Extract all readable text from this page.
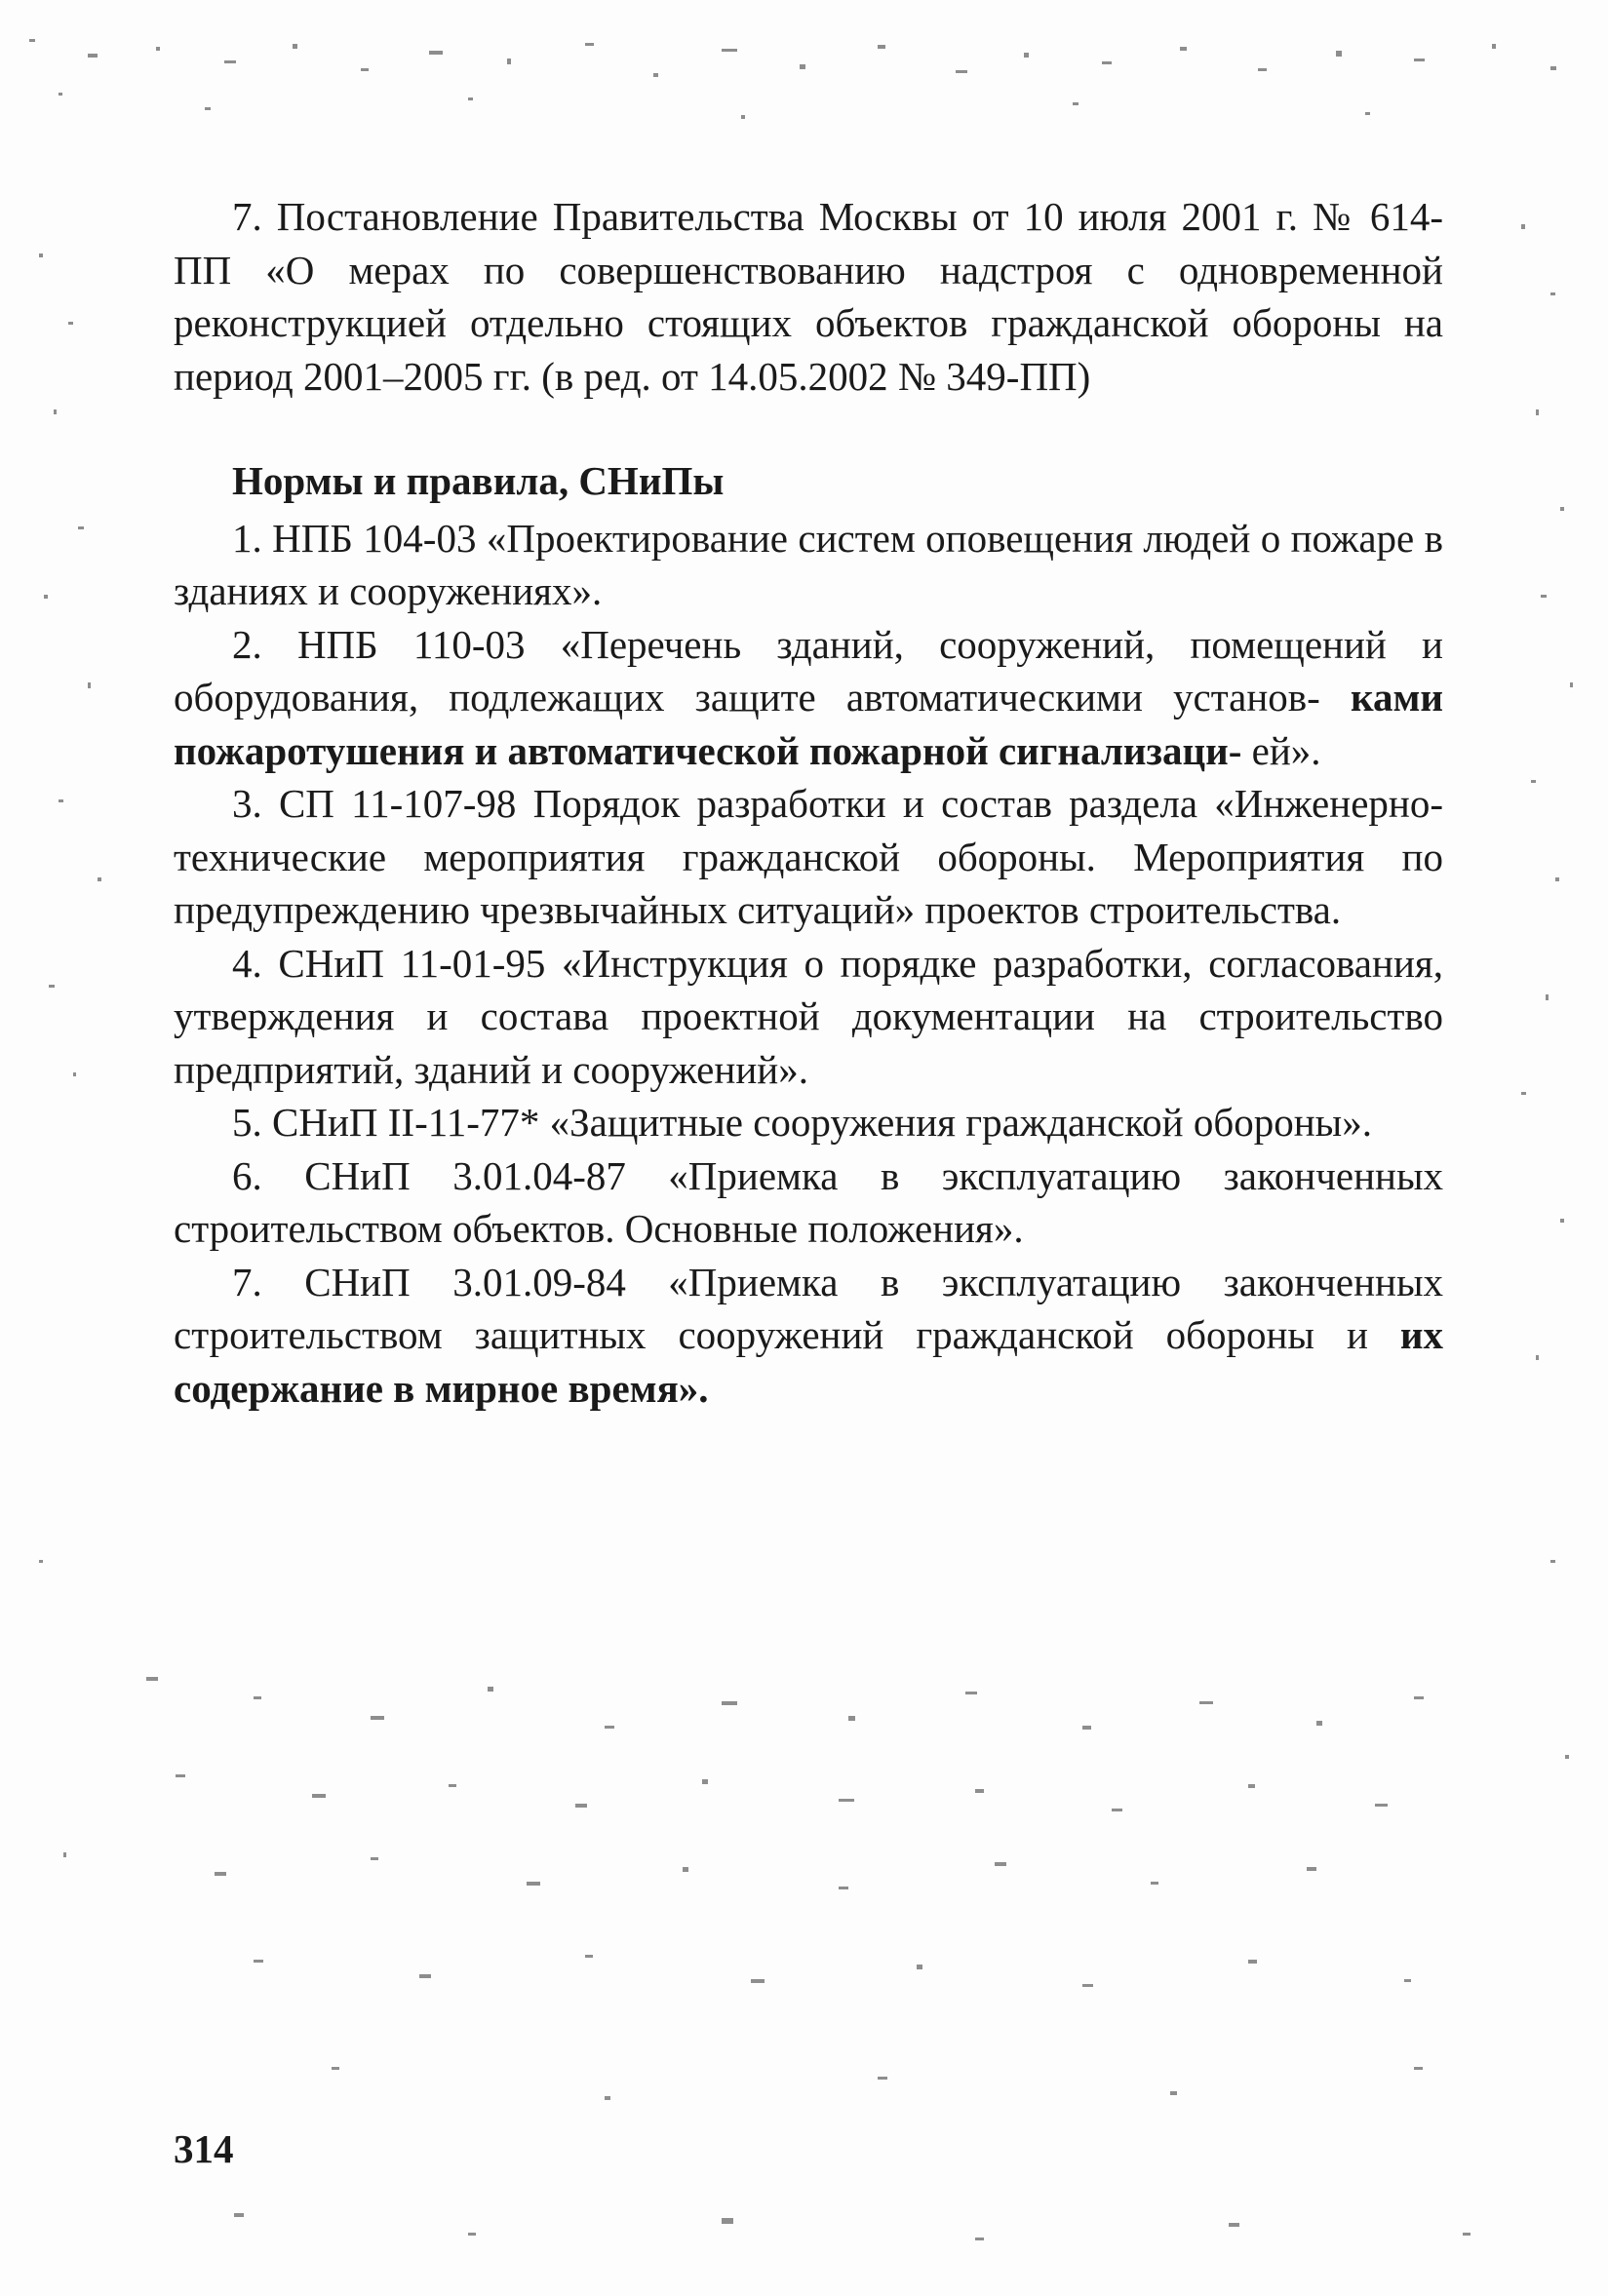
7. Постановление Правительства Москвы от 10 июля 2001 г. № 614-ПП «О мерах по совершенствованию надстроя с одновременной реконструкцией отдельно стоящих объектов гражданской обороны на период 2001–2005 гг. (в ред. от 14.05.2002 № 349-ПП)

Нормы и правила, СНиПы

1. НПБ 104-03 «Проектирование систем оповещения людей о пожаре в зданиях и сооружениях».

2. НПБ 110-03 «Перечень зданий, сооружений, помещений и оборудования, подлежащих защите автоматическими установ- ками пожаротушения и автоматической пожарной сигнализаци- ей».

3. СП 11-107-98 Порядок разработки и состав раздела «Инженерно-технические мероприятия гражданской обороны. Мероприятия по предупреждению чрезвычайных ситуаций» проектов строительства.

4. СНиП 11-01-95 «Инструкция о порядке разработки, согласования, утверждения и состава проектной документации на строительство предприятий, зданий и сооружений».

5. СНиП II-11-77* «Защитные сооружения гражданской обороны».

6. СНиП 3.01.04-87 «Приемка в эксплуатацию законченных строительством объектов. Основные положения».

7. СНиП 3.01.09-84 «Приемка в эксплуатацию законченных строительством защитных сооружений гражданской обороны и их содержание в мирное время».

314
